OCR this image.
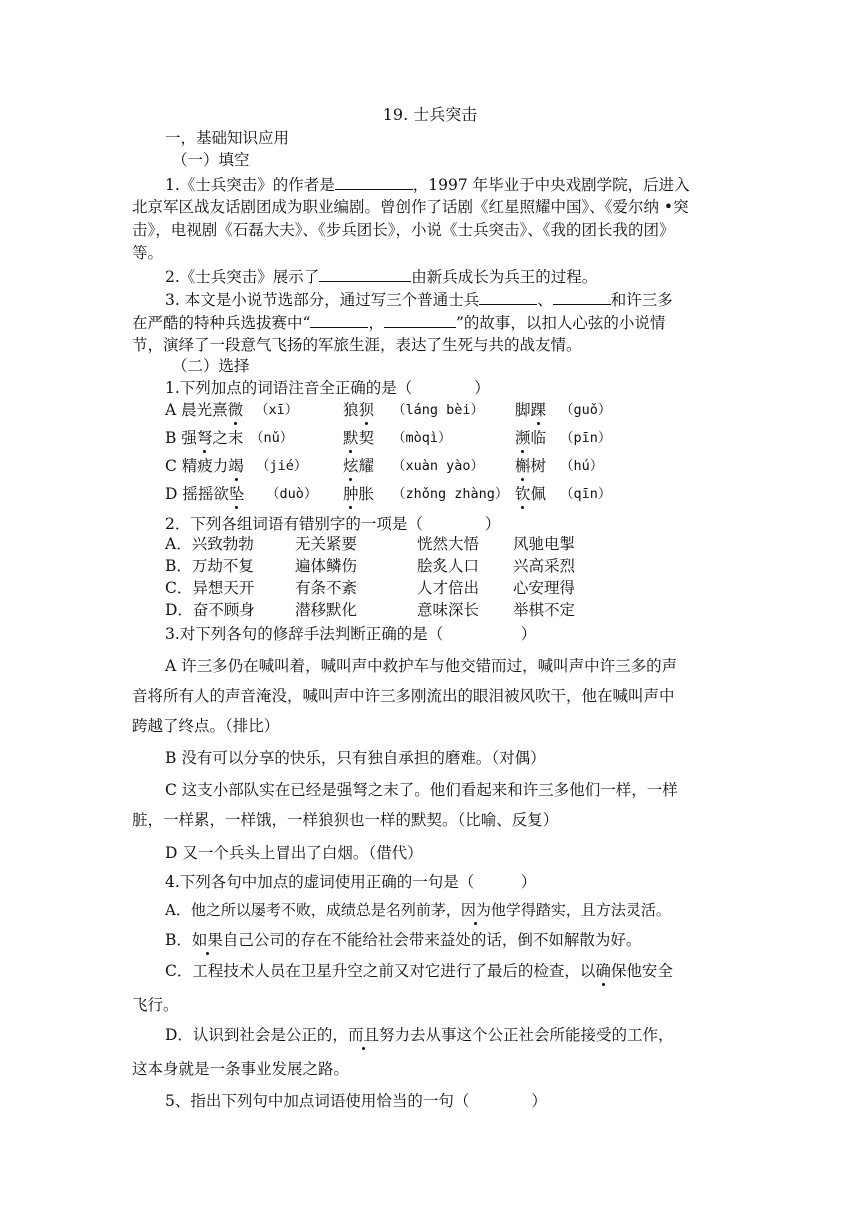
19. 士兵突击
一，基础知识应用
（一）填空
1.《士兵突击》的作者是	，1997 年毕业于中央戏剧学院，后进入
北京军区战友话剧团成为职业编剧。曾创作了话剧《红星照耀中国》、《爱尔纳 •突
击》，电视剧《石磊大夫》、《步兵团长》，小说《士兵突击》、《我的团长我的团》
等。
2.《士兵突击》展示了	由新兵成长为兵王的过程。
3. 本文是小说节选部分，通过写三个普通士兵	、	和许三多
在严酷的特种兵选拔赛中“	，	”的故事，以扣人心弦的小说情
节，演绎了一段意气飞扬的军旅生涯，表达了生死与共的战友情。
（二）选择
1.下列加点的词语注音全正确的是（　　　　）
A 晨光熹微 （xī）	狼狈 （láng bèi） 脚踝 （guǒ）
B 强弩之末 （nǔ）	默契 （mòqì）	濒临 （pīn）
C 精疲力竭 （jié） 炫耀 （xuàn yào） 槲树 （hú）
D 摇摇欲坠 （duò） 肿胀 （zhǒng zhàng） 钦佩 （qīn）
2．下列各组词语有错别字的一项是（　　　　）
A．兴致勃勃	无关紧要	恍然大悟 风驰电掣
B．万劫不复	遍体鳞伤	脍炙人口 兴高采烈
C．异想天开	有条不紊	人才倍出 心安理得
D．奋不顾身	潜移默化	意味深长 举棋不定
3.对下列各句的修辞手法判断正确的是（　　　　　）
A 许三多仍在喊叫着，喊叫声中救护车与他交错而过，喊叫声中许三多的声
音将所有人的声音淹没，喊叫声中许三多刚流出的眼泪被风吹干，他在喊叫声中
跨越了终点。（排比）
B 没有可以分享的快乐，只有独自承担的磨难。（对偶）
C 这支小部队实在已经是强弩之末了。他们看起来和许三多他们一样，一样
脏，一样累，一样饿，一样狼狈也一样的默契。（比喻、反复）
D 又一个兵头上冒出了白烟。（借代）
4.下列各句中加点的虚词使用正确的一句是（　　　）
A．他之所以屡考不败，成绩总是名列前茅，因为他学得踏实，且方法灵活。
B．如果自己公司的存在不能给社会带来益处的话，倒不如解散为好。
C．工程技术人员在卫星升空之前又对它进行了最后的检查，以确保他安全
飞行。
D．认识到社会是公正的，而且努力去从事这个公正社会所能接受的工作，
这本身就是一条事业发展之路。
5、指出下列句中加点词语使用恰当的一句（　　　　）
